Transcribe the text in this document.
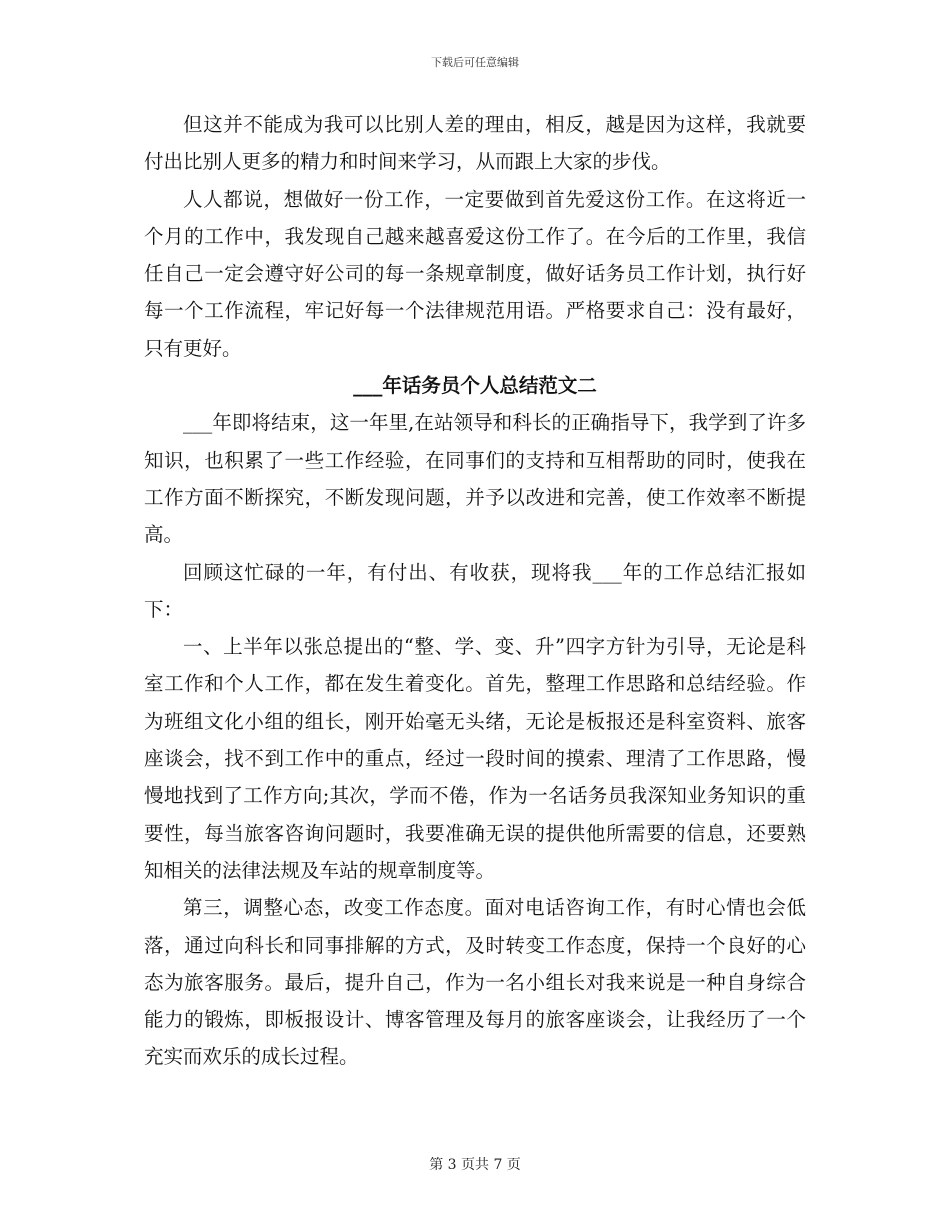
下载后可任意编辑

但这并不能成为我可以比别人差的理由，相反，越是因为这样，我就要付出比别人更多的精力和时间来学习，从而跟上大家的步伐。

人人都说，想做好一份工作，一定要做到首先爱这份工作。在这将近一个月的工作中，我发现自己越来越喜爱这份工作了。在今后的工作里，我信任自己一定会遵守好公司的每一条规章制度，做好话务员工作计划，执行好每一个工作流程，牢记好每一个法律规范用语。严格要求自己：没有最好，只有更好。

___年话务员个人总结范文二

___年即将结束，这一年里,在站领导和科长的正确指导下，我学到了许多知识，也积累了一些工作经验，在同事们的支持和互相帮助的同时，使我在工作方面不断探究，不断发现问题，并予以改进和完善，使工作效率不断提高。

回顾这忙碌的一年，有付出、有收获，现将我___年的工作总结汇报如下：

一、上半年以张总提出的“整、学、变、升”四字方针为引导，无论是科室工作和个人工作，都在发生着变化。首先，整理工作思路和总结经验。作为班组文化小组的组长，刚开始毫无头绪，无论是板报还是科室资料、旅客座谈会，找不到工作中的重点，经过一段时间的摸索、理清了工作思路，慢慢地找到了工作方向;其次，学而不倦，作为一名话务员我深知业务知识的重要性，每当旅客咨询问题时，我要准确无误的提供他所需要的信息，还要熟知相关的法律法规及车站的规章制度等。

第三，调整心态，改变工作态度。面对电话咨询工作，有时心情也会低落，通过向科长和同事排解的方式，及时转变工作态度，保持一个良好的心态为旅客服务。最后，提升自己，作为一名小组长对我来说是一种自身综合能力的锻炼，即板报设计、博客管理及每月的旅客座谈会，让我经历了一个充实而欢乐的成长过程。

第 3 页共 7 页
